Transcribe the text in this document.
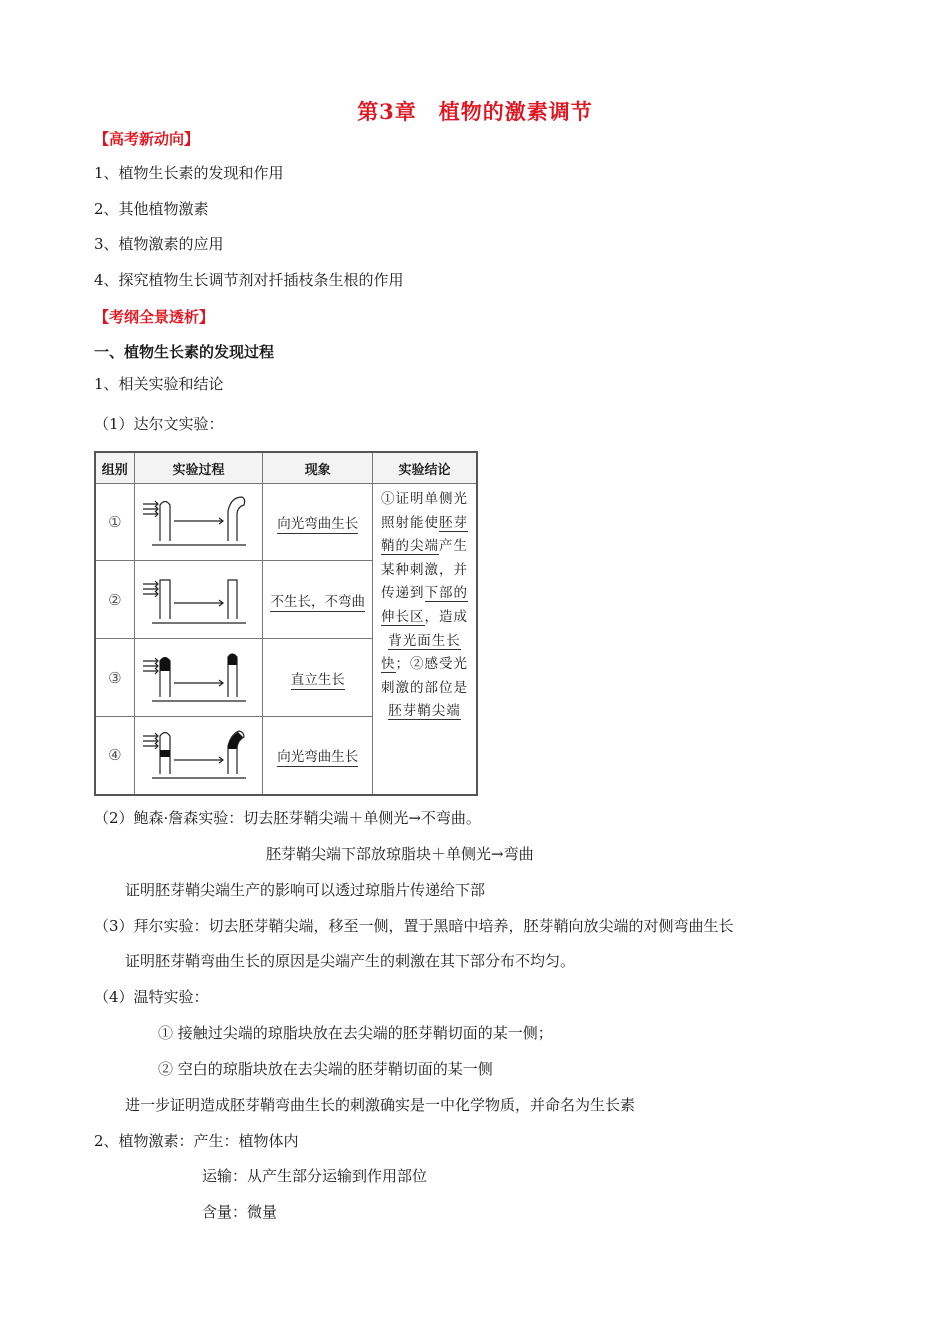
第3章　植物的激素调节
【高考新动向】
1、植物生长素的发现和作用
2、其他植物激素
3、植物激素的应用
4、探究植物生长调节剂对扦插枝条生根的作用
【考纲全景透析】
一、植物生长素的发现过程
1、相关实验和结论
（1）达尔文实验：
组别	实验过程	现象	实验结论
①		向光弯曲生长	①证明单侧光照射能使胚芽鞘的尖端产生某种刺激，并传递到下部的伸长区，造成背光面生长快；②感受光刺激的部位是胚芽鞘尖端
②		不生长，不弯曲	
③		直立生长	
④		向光弯曲生长	
（2）鲍森·詹森实验：切去胚芽鞘尖端＋单侧光→不弯曲。
胚芽鞘尖端下部放琼脂块＋单侧光→弯曲
证明胚芽鞘尖端生产的影响可以透过琼脂片传递给下部
（3）拜尔实验：切去胚芽鞘尖端，移至一侧，置于黑暗中培养，胚芽鞘向放尖端的对侧弯曲生长
证明胚芽鞘弯曲生长的原因是尖端产生的刺激在其下部分布不均匀。
（4）温特实验：
① 接触过尖端的琼脂块放在去尖端的胚芽鞘切面的某一侧；
② 空白的琼脂块放在去尖端的胚芽鞘切面的某一侧
进一步证明造成胚芽鞘弯曲生长的刺激确实是一中化学物质，并命名为生长素
2、植物激素：产生：植物体内
运输：从产生部分运输到作用部位
含量：微量
